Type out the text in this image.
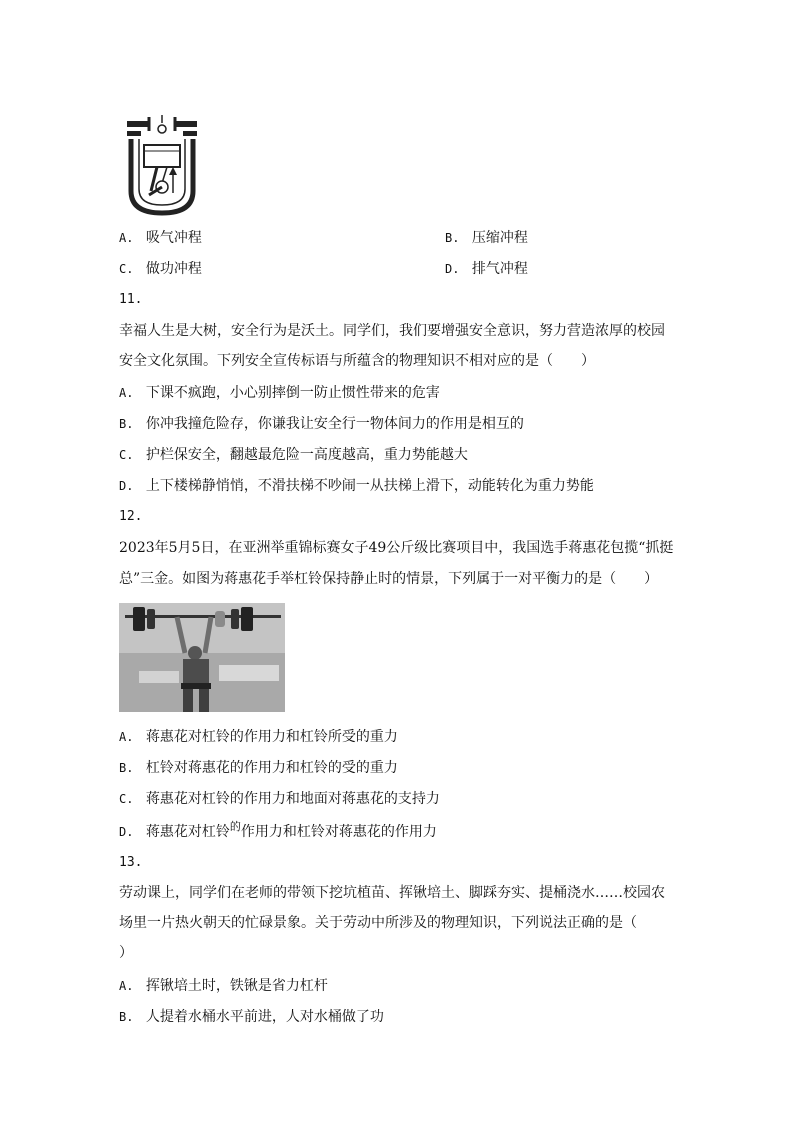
A. 吸气冲程	B. 压缩冲程
C. 做功冲程	D. 排气冲程
11.
幸福人生是大树，安全行为是沃土。同学们，我们要增强安全意识，努力营造浓厚的校园
安全文化氛围。下列安全宣传标语与所蕴含的物理知识不相对应的是（　　）
A. 下课不疯跑，小心别摔倒一防止惯性带来的危害
B. 你冲我撞危险存，你谦我让安全行一物体间力的作用是相互的
C. 护栏保安全，翻越最危险一高度越高，重力势能越大
D. 上下楼梯静悄悄，不滑扶梯不吵闹一从扶梯上滑下，动能转化为重力势能
12.
2023年5月5日，在亚洲举重锦标赛女子49公斤级比赛项目中，我国选手蒋惠花包揽“抓挺
总”三金。如图为蒋惠花手举杠铃保持静止时的情景，下列属于一对平衡力的是（　　）
A. 蒋惠花对杠铃的作用力和杠铃所受的重力
B. 杠铃对蒋惠花的作用力和杠铃的受的重力
C. 蒋惠花对杠铃的作用力和地面对蒋惠花的支持力
D. 蒋惠花对杠铃$^的$作用力和杠铃对蒋惠花的作用力
13.
劳动课上，同学们在老师的带领下挖坑植苗、挥锹培土、脚踩夯实、提桶浇水……校园农
场里一片热火朝天的忙碌景象。关于劳动中所涉及的物理知识，下列说法正确的是（
）
A. 挥锹培土时，铁锹是省力杠杆
B. 人提着水桶水平前进，人对水桶做了功
